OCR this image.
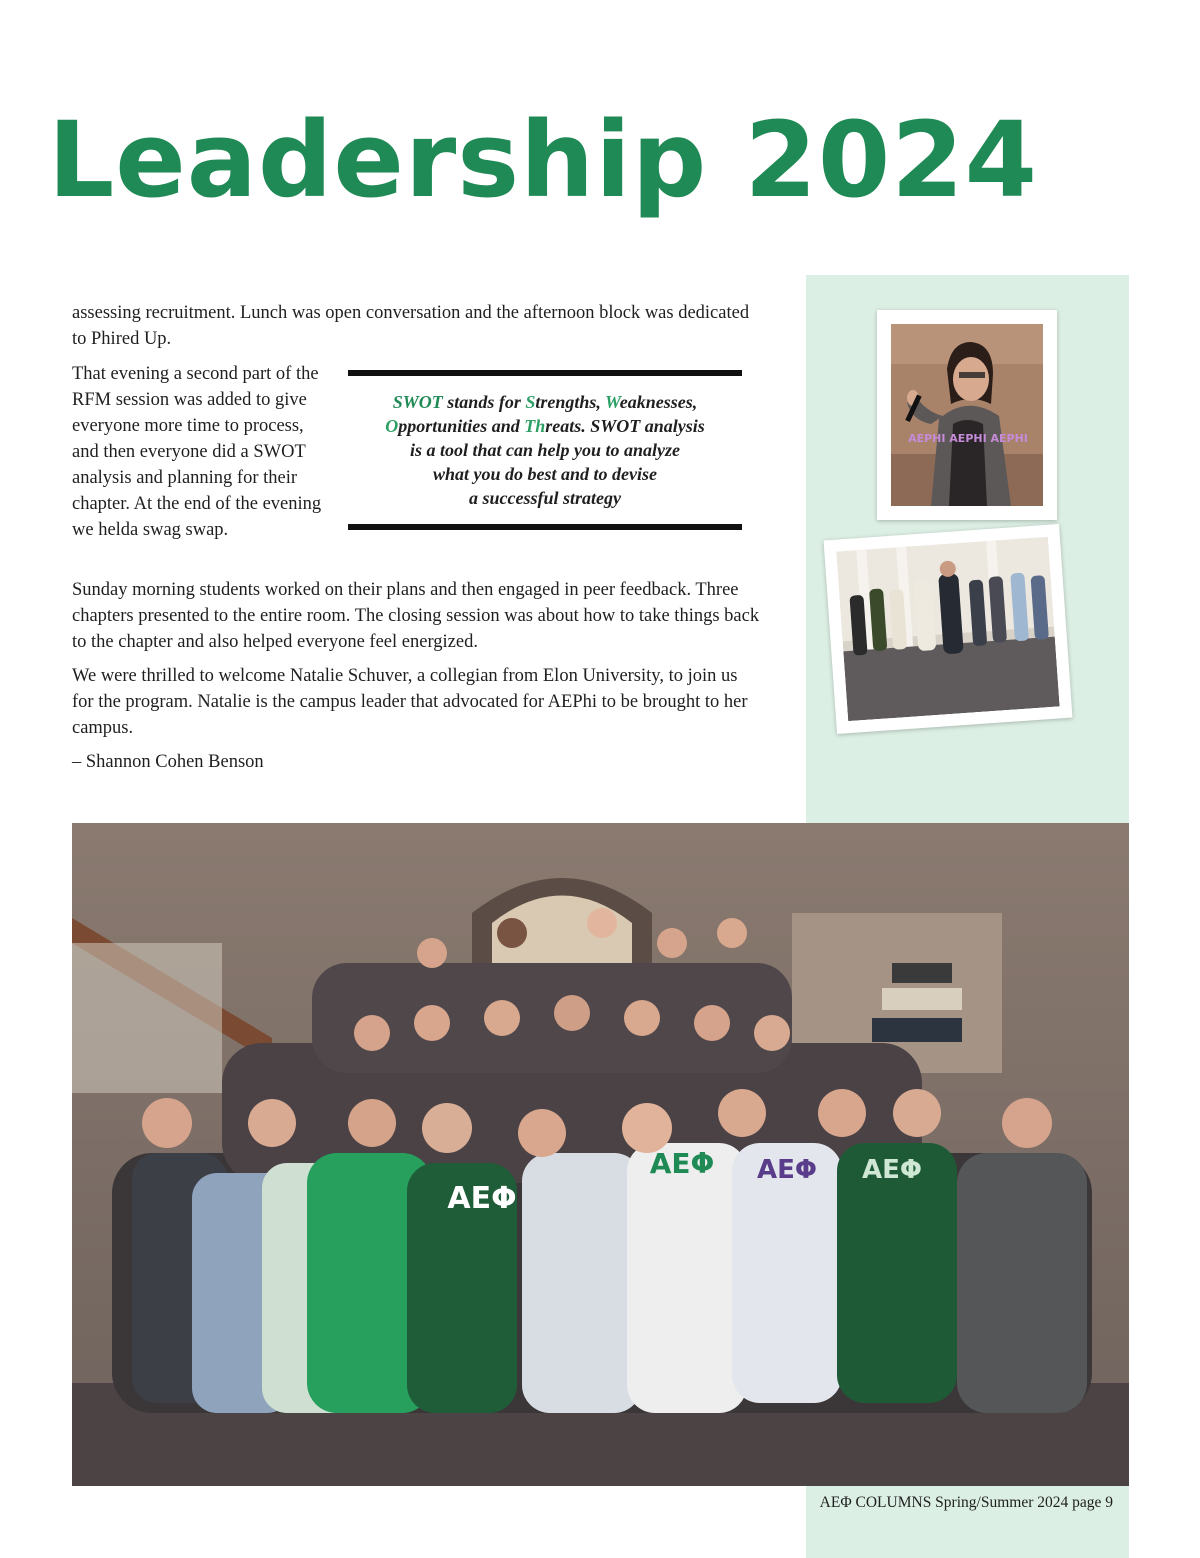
Leadership 2024

assessing recruitment. Lunch was open conversation and the afternoon block was dedicated to Phired Up.

That evening a second part of the RFM session was added to give everyone more time to process, and then everyone did a SWOT analysis and planning for their chapter. At the end of the evening we helda swag swap.

SWOT stands for Strengths, Weaknesses,
Opportunities and Threats. SWOT analysis
is a tool that can help you to analyze
what you do best and to devise
a successful strategy

Sunday morning students worked on their plans and then engaged in peer feedback. Three chapters presented to the entire room. The closing session was about how to take things back to the chapter and also helped everyone feel energized.

We were thrilled to welcome Natalie Schuver, a collegian from Elon University, to join us for the program. Natalie is the campus leader that advocated for AEPhi to be brought to her campus.

– Shannon Cohen Benson

AEPHI AEPHI AEPHI
AEΦ
AEΦ AEΦ AEΦ
AEΦ COLUMNS Spring/Summer 2024 page 9
